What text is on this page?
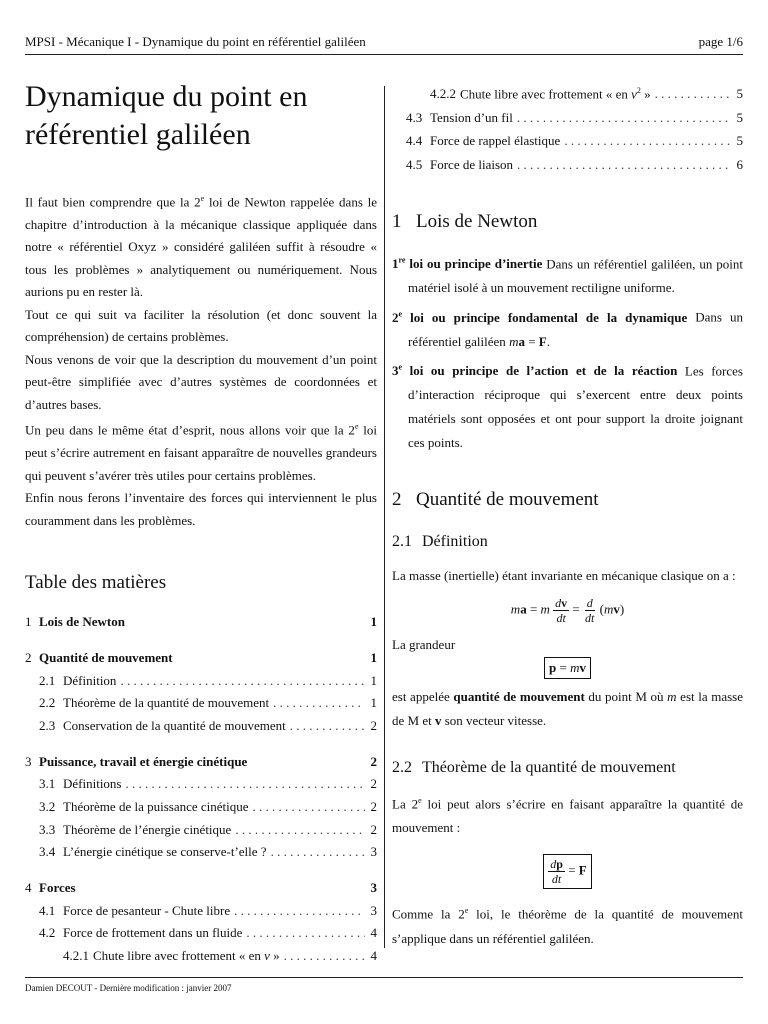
MPSI - Mécanique I - Dynamique du point en référentiel galiléen	page 1/6
Dynamique du point en référentiel galiléen

Il faut bien comprendre que la 2e loi de Newton rappelée dans le chapitre d’introduction à la mécanique classique appliquée dans notre « référentiel Oxyz » considéré galiléen suffit à résoudre « tous les problèmes » analytiquement ou numériquement. Nous aurions pu en rester là.

Tout ce qui suit va faciliter la résolution (et donc souvent la compréhension) de certains problèmes.

Nous venons de voir que la description du mouvement d’un point peut-être simplifiée avec d’autres systèmes de coordonnées et d’autres bases.

Un peu dans le même état d’esprit, nous allons voir que la 2e loi peut s’écrire autrement en faisant apparaître de nouvelles grandeurs qui peuvent s’avérer très utiles pour certains problèmes.

Enfin nous ferons l’inventaire des forces qui interviennent le plus couramment dans les problèmes.

Table des matières
1 Lois de Newton	1
2 Quantité de mouvement	1
2.1 Définition . . .	1
2.2 Théorème de la quantité de mouvement . . .	1
2.3 Conservation de la quantité de mouvement . . .	2
3 Puissance, travail et énergie cinétique	2
3.1 Définitions . . .	2
3.2 Théorème de la puissance cinétique . . .	2
3.3 Théorème de l’énergie cinétique . . .	2
3.4 L’énergie cinétique se conserve-t’elle ? . . .	3
4 Forces	3
4.1 Force de pesanteur - Chute libre . . .	3
4.2 Force de frottement dans un fluide . . .	4
4.2.1 Chute libre avec frottement « en v » . . .	4
4.2.2 Chute libre avec frottement « en $v^2$ » . . .	5
4.3 Tension d’un fil . . .	5
4.4 Force de rappel élastique . . .	5
4.5 Force de liaison . . .	6
1 Lois de Newton

1re loi ou principe d’inertie Dans un référentiel galiléen, un point matériel isolé à un mouvement rectiligne uniforme.

2e loi ou principe fondamental de la dynamique Dans un référentiel galiléen ma = F.

3e loi ou principe de l’action et de la réaction Les forces d’interaction réciproque qui s’exercent entre deux points matériels sont opposées et ont pour support la droite joignant ces points.

2 Quantité de mouvement
2.1 Définition

La masse (inertielle) étant invariante en mécanique clasique on a :

ma = m $\frac{dv}{dt} = \frac{d}{dt} (mv)$

La grandeur

p = mv

est appelée quantité de mouvement du point M où m est la masse de M et v son vecteur vitesse.

2.2 Théorème de la quantité de mouvement

La 2e loi peut alors s’écrire en faisant apparaître la quantité de mouvement :

$\frac{dp}{dt} = F$

Comme la 2e loi, le théorème de la quantité de mouvement s’applique dans un référentiel galiléen.

Damien DECOUT - Dernière modification : janvier 2007
